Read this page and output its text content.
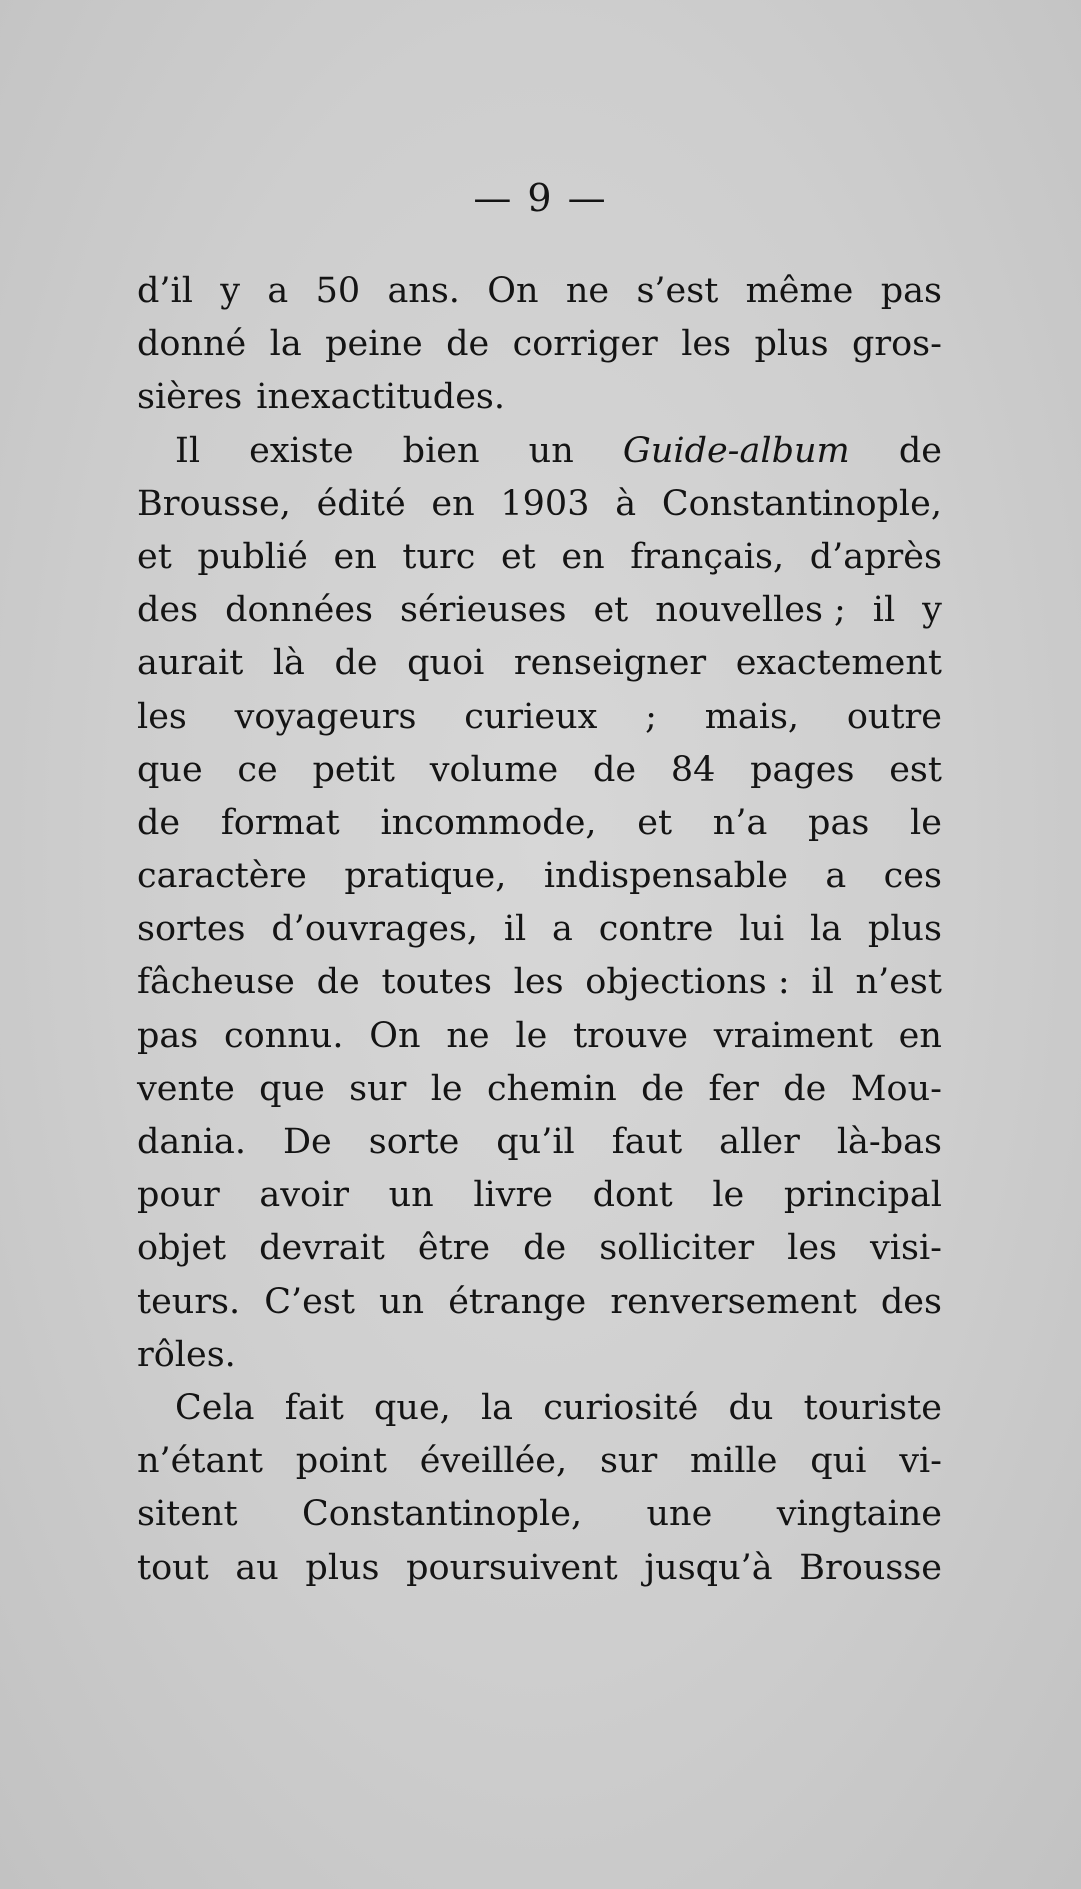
— 9 —
d’il y a 50 ans. On ne s’est même pas
donné la peine de corriger les plus gros-
sières inexactitudes.
Il existe bien un Guide-album de
Brousse, édité en 1903 à Constantinople,
et publié en turc et en français, d’après
des données sérieuses et nouvelles ; il y
aurait là de quoi renseigner exactement
les voyageurs curieux ; mais, outre
que ce petit volume de 84 pages est
de format incommode, et n’a pas le
caractère pratique, indispensable a ces
sortes d’ouvrages, il a contre lui la plus
fâcheuse de toutes les objections : il n’est
pas connu. On ne le trouve vraiment en
vente que sur le chemin de fer de Mou-
dania. De sorte qu’il faut aller là-bas
pour avoir un livre dont le principal
objet devrait être de solliciter les visi-
teurs. C’est un étrange renversement des
rôles.
Cela fait que, la curiosité du touriste
n’étant point éveillée, sur mille qui vi-
sitent Constantinople, une vingtaine
tout au plus poursuivent jusqu’à Brousse
